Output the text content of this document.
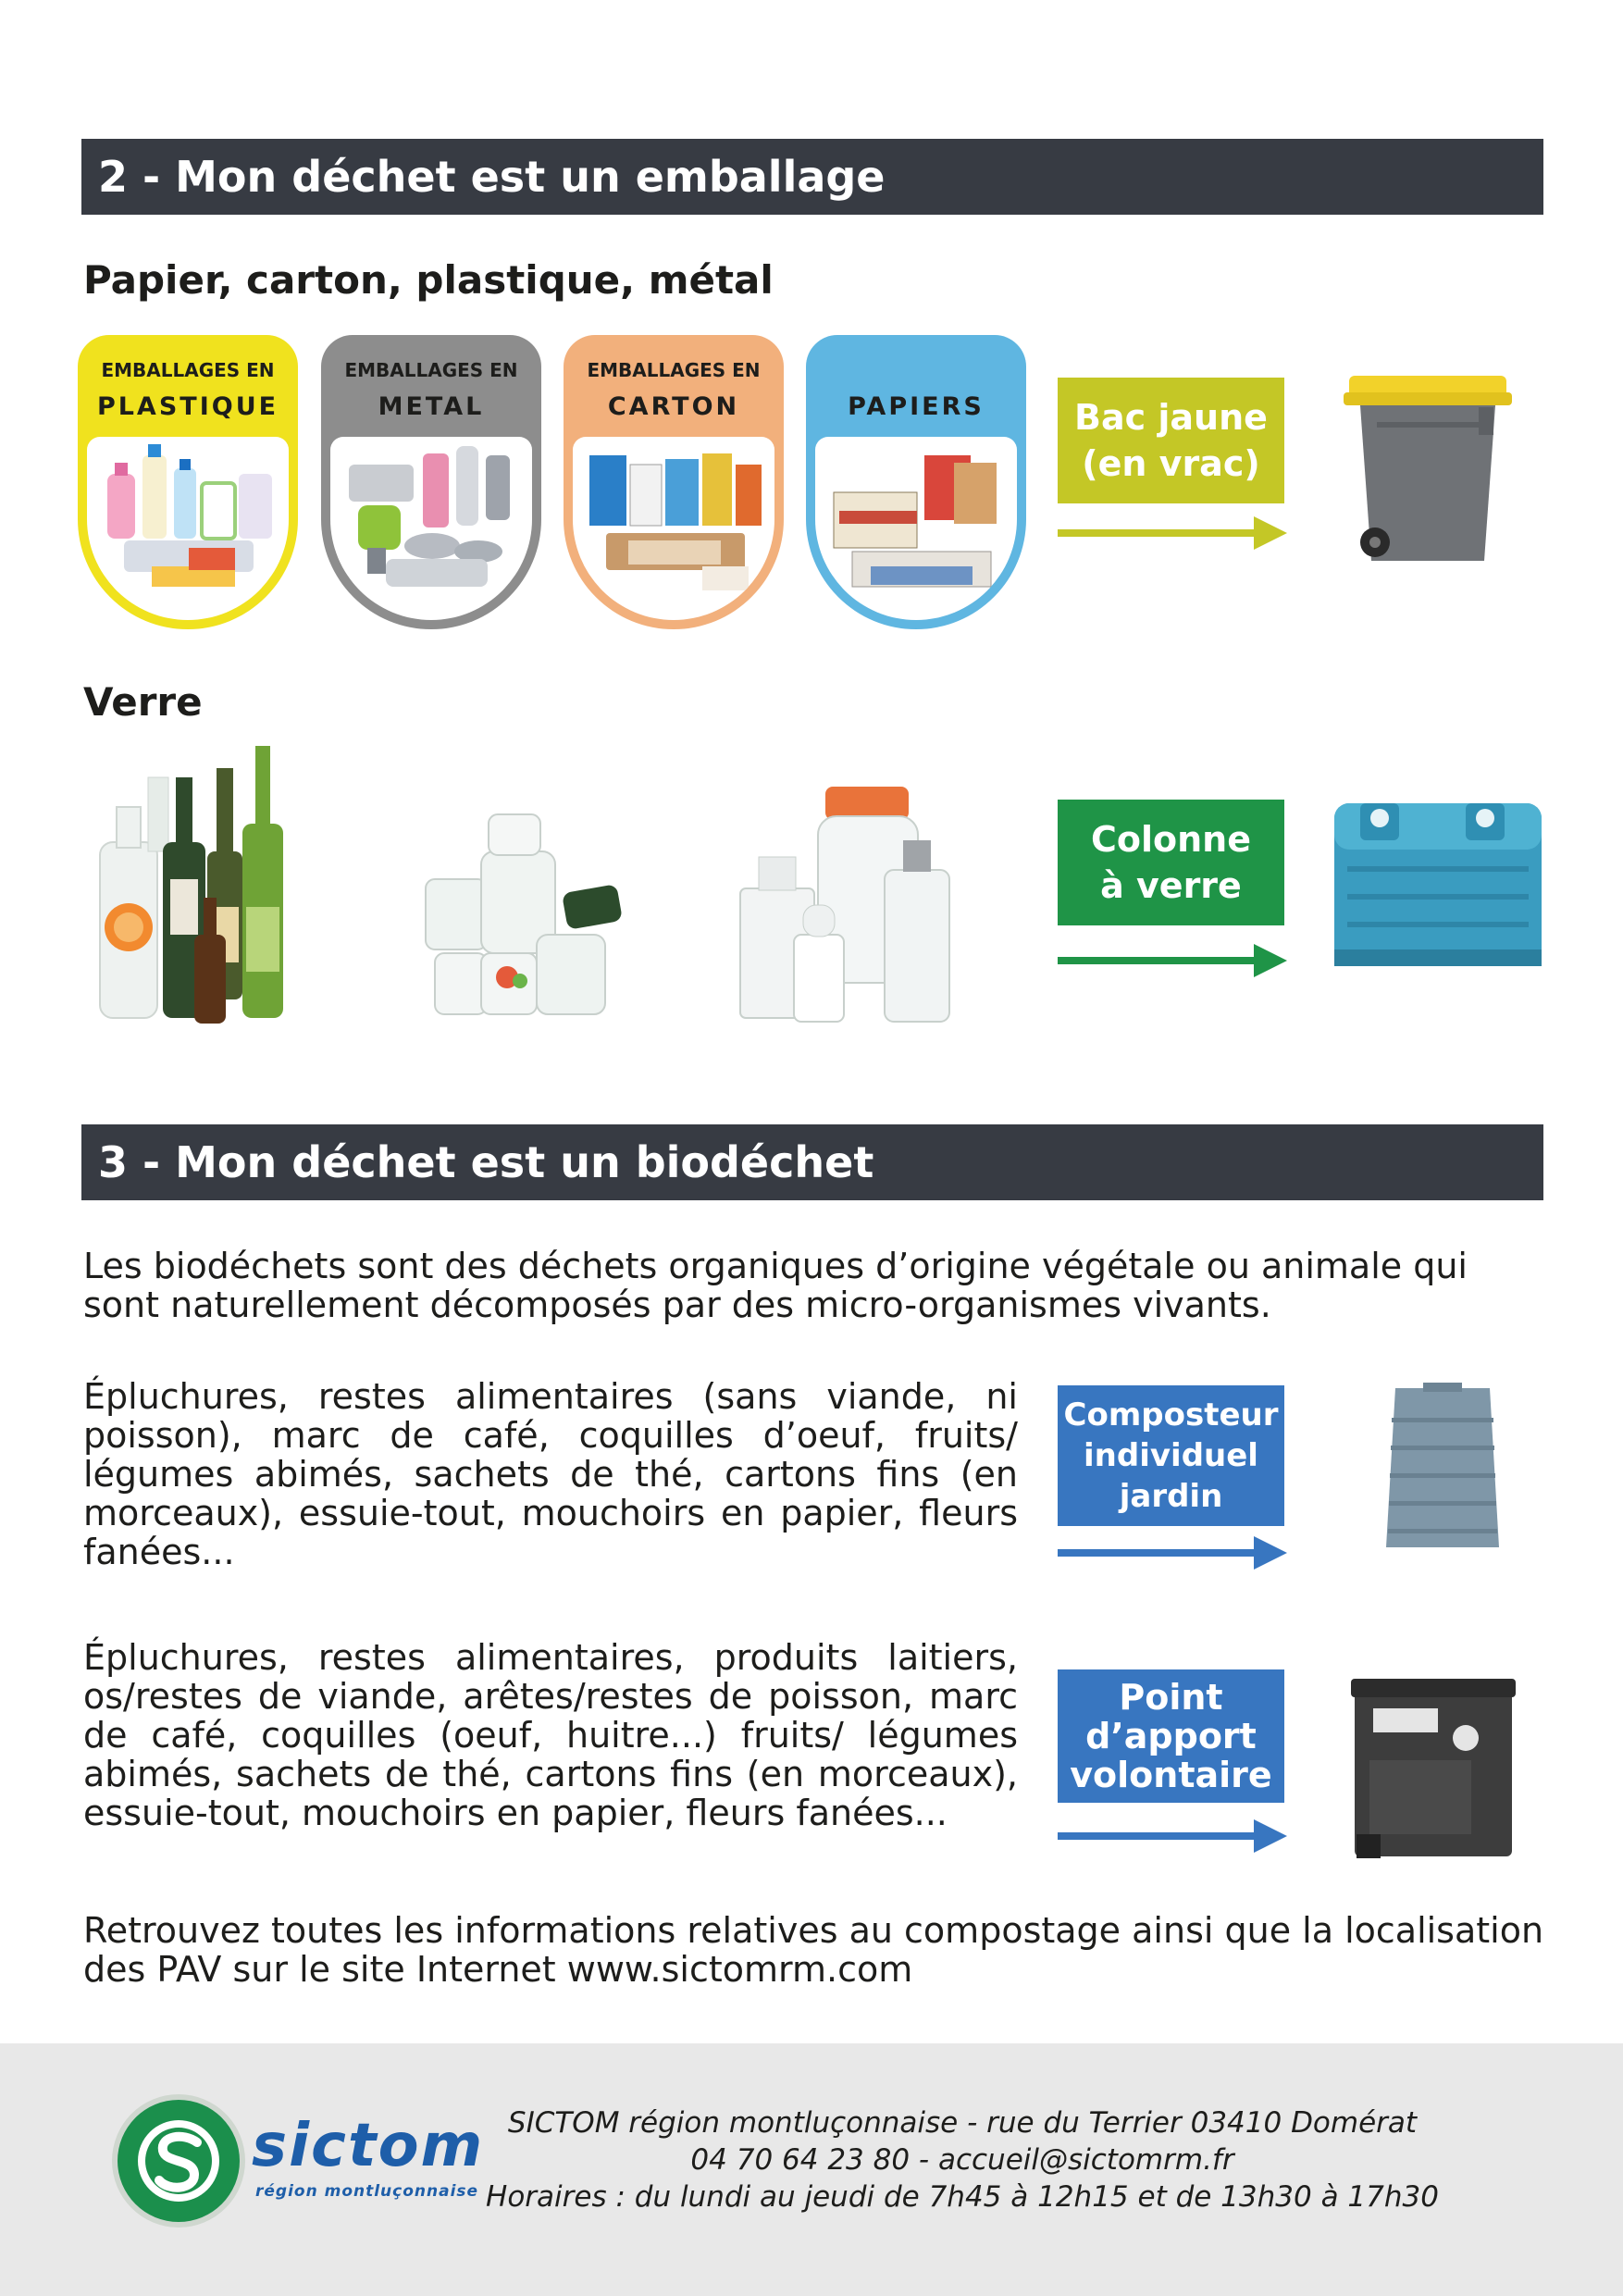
2 - Mon déchet est un emballage
Papier, carton, plastique, métal
EMBALLAGES EN
PLASTIQUE
EMBALLAGES EN
METAL
EMBALLAGES EN
CARTON	PAPIERS	Bac jaune
(en vrac)
Verre
Colonne
à verre
3 - Mon déchet est un biodéchet
Les biodéchets sont des déchets organiques d’origine végétale ou animale qui sont naturellement décomposés par des micro-organismes vivants.
Épluchures, restes alimentaires (sans viande, ni poisson), marc de café, coquilles d’oeuf, fruits/ légumes abimés, sachets de thé, cartons fins (en morceaux), essuie-tout, mouchoirs en papier, fleurs fanées...
Composteur
individuel
jardin
Épluchures, restes alimentaires, produits laitiers, os/restes de viande, arêtes/restes de poisson, marc de café, coquilles (oeuf, huitre...) fruits/ légumes abimés, sachets de thé, cartons fins (en morceaux), essuie-tout, mouchoirs en papier, fleurs fanées...
Point
d’apport
volontaire
Retrouvez toutes les informations relatives au compostage ainsi que la localisation des PAV sur le site Internet www.sictomrm.com
sictom
région montluçonnaise
SICTOM région montluçonnaise - rue du Terrier 03410 Domérat
04 70 64 23 80 - accueil@sictomrm.fr
Horaires : du lundi au jeudi de 7h45 à 12h15 et de 13h30 à 17h30
